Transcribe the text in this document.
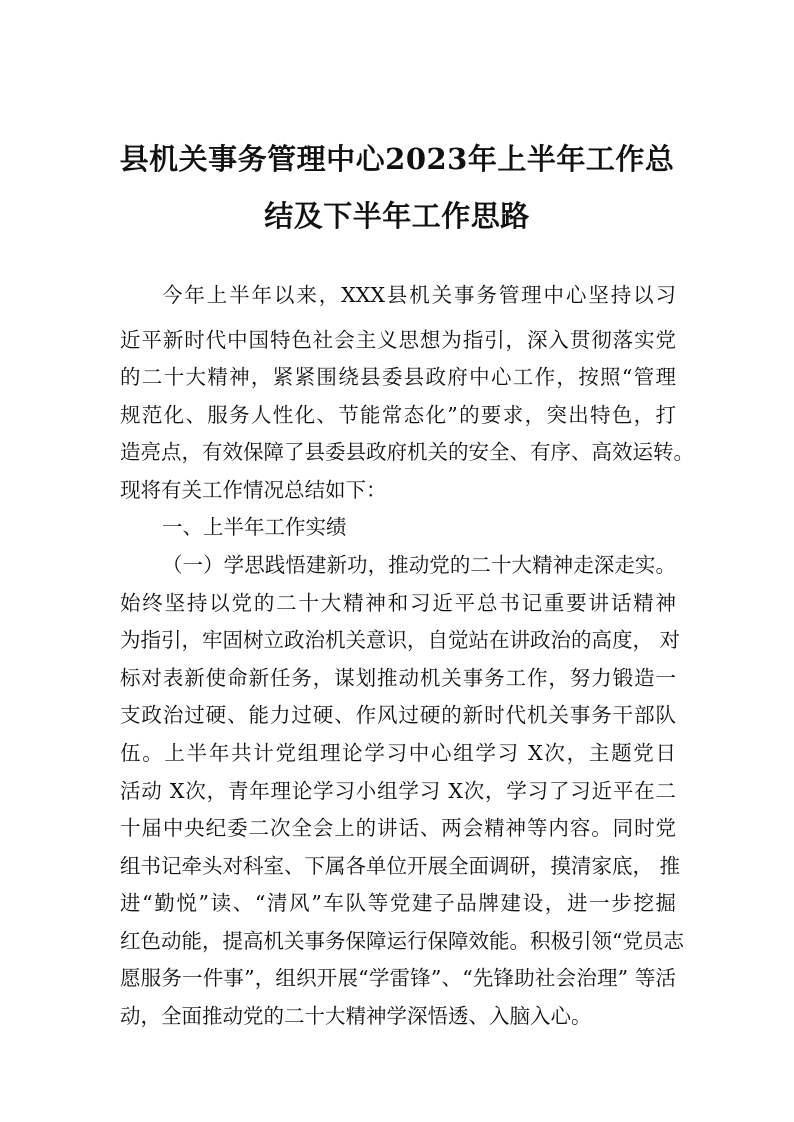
县机关事务管理中心2023年上半年工作总
结及下半年工作思路
今年上半年以来，XXX县机关事务管理中心坚持以习
近平新时代中国特色社会主义思想为指引，深入贯彻落实党
的二十大精神，紧紧围绕县委县政府中心工作，按照“管理
规范化、服务人性化、节能常态化”的要求，突出特色，打
造亮点，有效保障了县委县政府机关的安全、有序、高效运转。
现将有关工作情况总结如下：
一、上半年工作实绩
（一）学思践悟建新功，推动党的二十大精神走深走实。
始终坚持以党的二十大精神和习近平总书记重要讲话精神
为指引，牢固树立政治机关意识，自觉站在讲政治的高度， 对
标对表新使命新任务，谋划推动机关事务工作，努力锻造一
支政治过硬、能力过硬、作风过硬的新时代机关事务干部队
伍。上半年共计党组理论学习中心组学习 X次，主题党日
活动 X次，青年理论学习小组学习 X次，学习了习近平在二
十届中央纪委二次全会上的讲话、两会精神等内容。同时党
组书记牵头对科室、下属各单位开展全面调研，摸清家底， 推
进“勤悦”读、“清风”车队等党建子品牌建设，进一步挖掘
红色动能，提高机关事务保障运行保障效能。积极引领“党员志
愿服务一件事”，组织开展“学雷锋”、“先锋助社会治理” 等活
动，全面推动党的二十大精神学深悟透、入脑入心。
